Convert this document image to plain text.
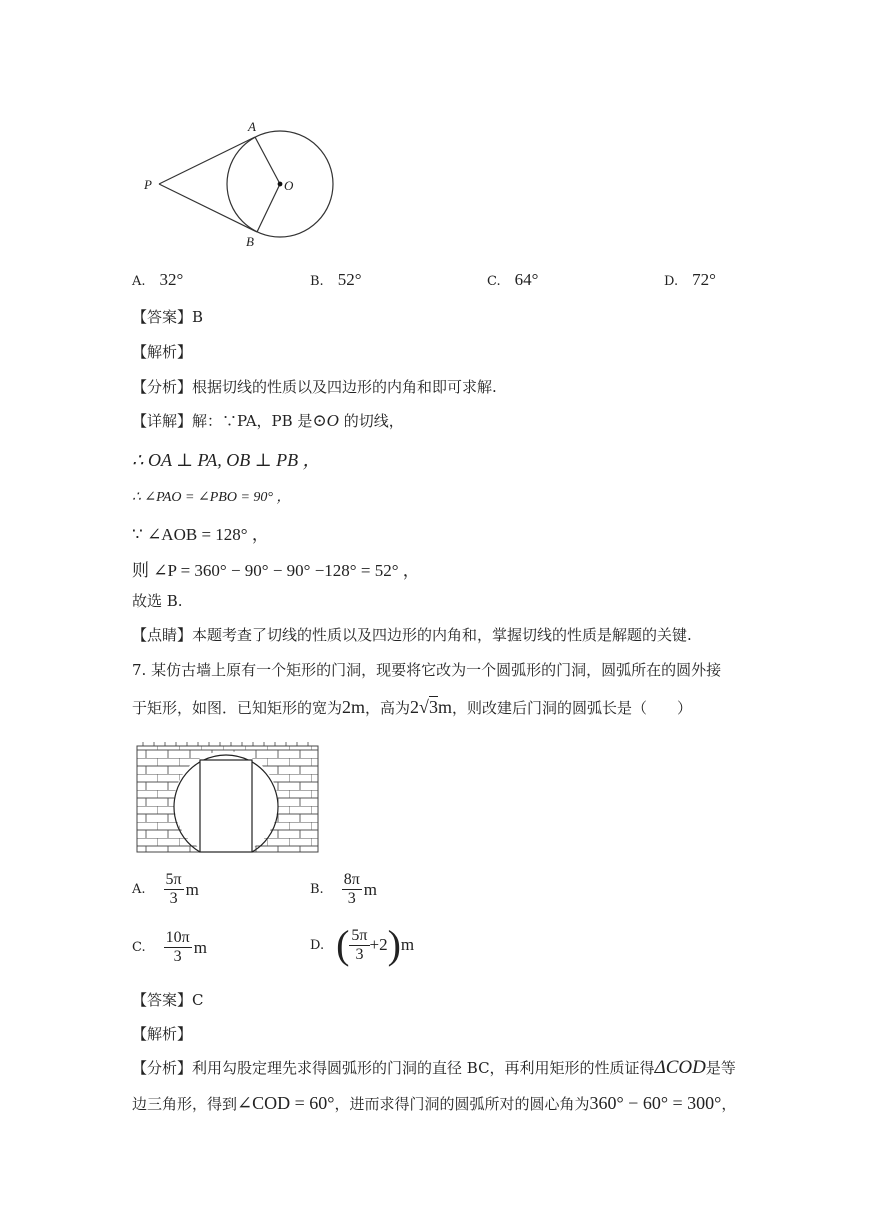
A
B
P	O
A. 32°	B. 52°	C. 64°	D. 72°
【答案】B
【解析】
【分析】根据切线的性质以及四边形的内角和即可求解.
【详解】解：∵PA，PB 是⊙O 的切线，
∴ OA ⊥ PA, OB ⊥ PB ，
∴ ∠PAO = ∠PBO = 90° ，
∵ ∠AOB = 128° ，
则 ∠P = 360° − 90° − 90° −128° = 52° ，
故选 B.
【点睛】本题考查了切线的性质以及四边形的内角和，掌握切线的性质是解题的关键.
7. 某仿古墙上原有一个矩形的门洞，现要将它改为一个圆弧形的门洞，圆弧所在的圆外接
于矩形，如图．已知矩形的宽为2m，高为2√3m，则改建后门洞的圆弧长是（　　）
A. $\frac{5\pi}{3}$ m	B. $\frac{8\pi}{3}$ m
C. $\frac{10\pi}{3}$ m	D. ( $\frac{5\pi}{3} +2$ ) m
【答案】C
【解析】
【分析】利用勾股定理先求得圆弧形的门洞的直径 BC，再利用矩形的性质证得ΔCOD是等
边三角形，得到∠COD = 60°，进而求得门洞的圆弧所对的圆心角为360° − 60° = 300°，
